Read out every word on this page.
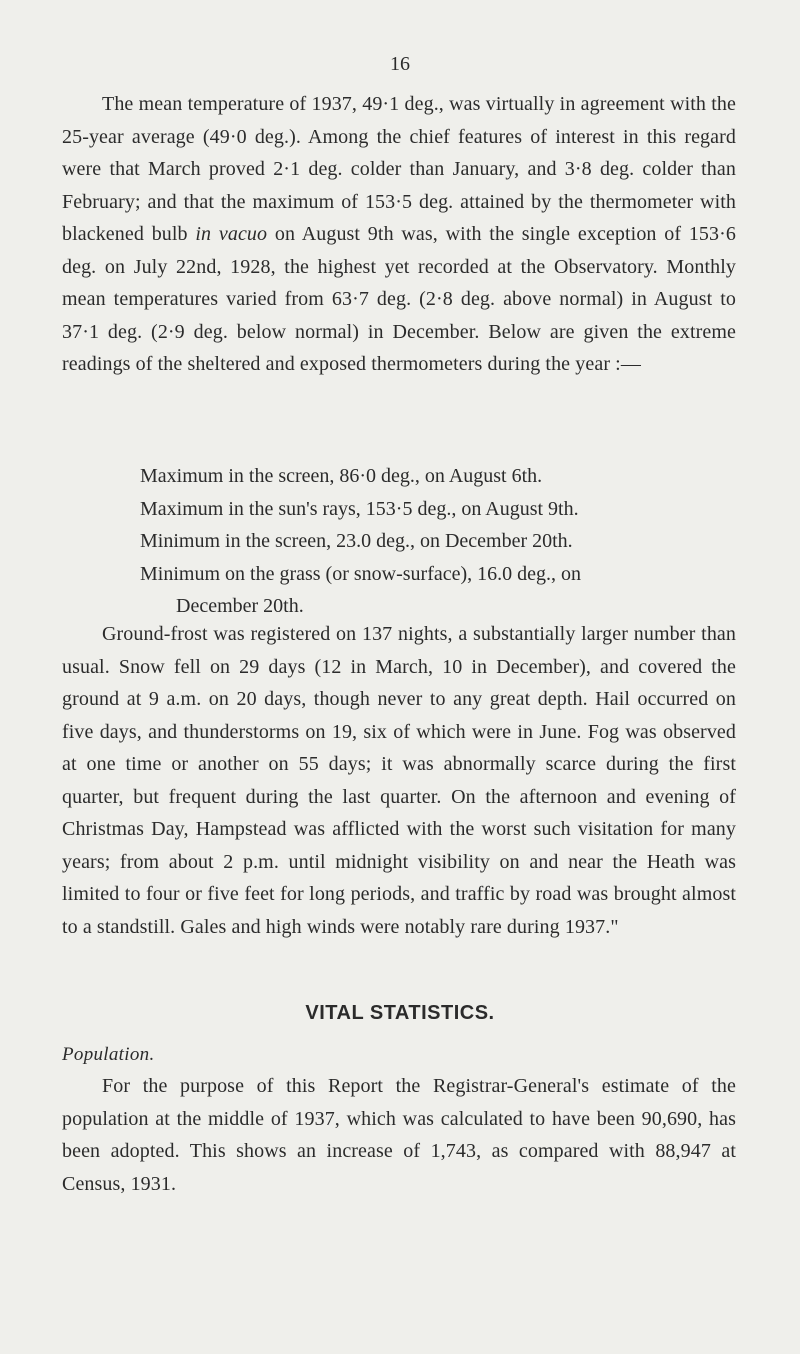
16

The mean temperature of 1937, 49·1 deg., was virtually in agreement with the 25-year average (49·0 deg.). Among the chief features of interest in this regard were that March proved 2·1 deg. colder than January, and 3·8 deg. colder than February; and that the maximum of 153·5 deg. attained by the thermometer with blackened bulb in vacuo on August 9th was, with the single exception of 153·6 deg. on July 22nd, 1928, the highest yet recorded at the Observatory. Monthly mean temperatures varied from 63·7 deg. (2·8 deg. above normal) in August to 37·1 deg. (2·9 deg. below normal) in December. Below are given the extreme readings of the sheltered and exposed thermometers during the year :—

Maximum in the screen, 86·0 deg., on August 6th.

Maximum in the sun's rays, 153·5 deg., on August 9th.

Minimum in the screen, 23.0 deg., on December 20th.

Minimum on the grass (or snow-surface), 16.0 deg., on
December 20th.

Ground-frost was registered on 137 nights, a substantially larger number than usual. Snow fell on 29 days (12 in March, 10 in December), and covered the ground at 9 a.m. on 20 days, though never to any great depth. Hail occurred on five days, and thunderstorms on 19, six of which were in June. Fog was observed at one time or another on 55 days; it was abnormally scarce during the first quarter, but frequent during the last quarter. On the afternoon and evening of Christmas Day, Hampstead was afflicted with the worst such visitation for many years; from about 2 p.m. until midnight visibility on and near the Heath was limited to four or five feet for long periods, and traffic by road was brought almost to a standstill. Gales and high winds were notably rare during 1937."

VITAL STATISTICS.
Population.

For the purpose of this Report the Registrar-General's estimate of the population at the middle of 1937, which was calculated to have been 90,690, has been adopted. This shows an increase of 1,743, as compared with 88,947 at Census, 1931.
